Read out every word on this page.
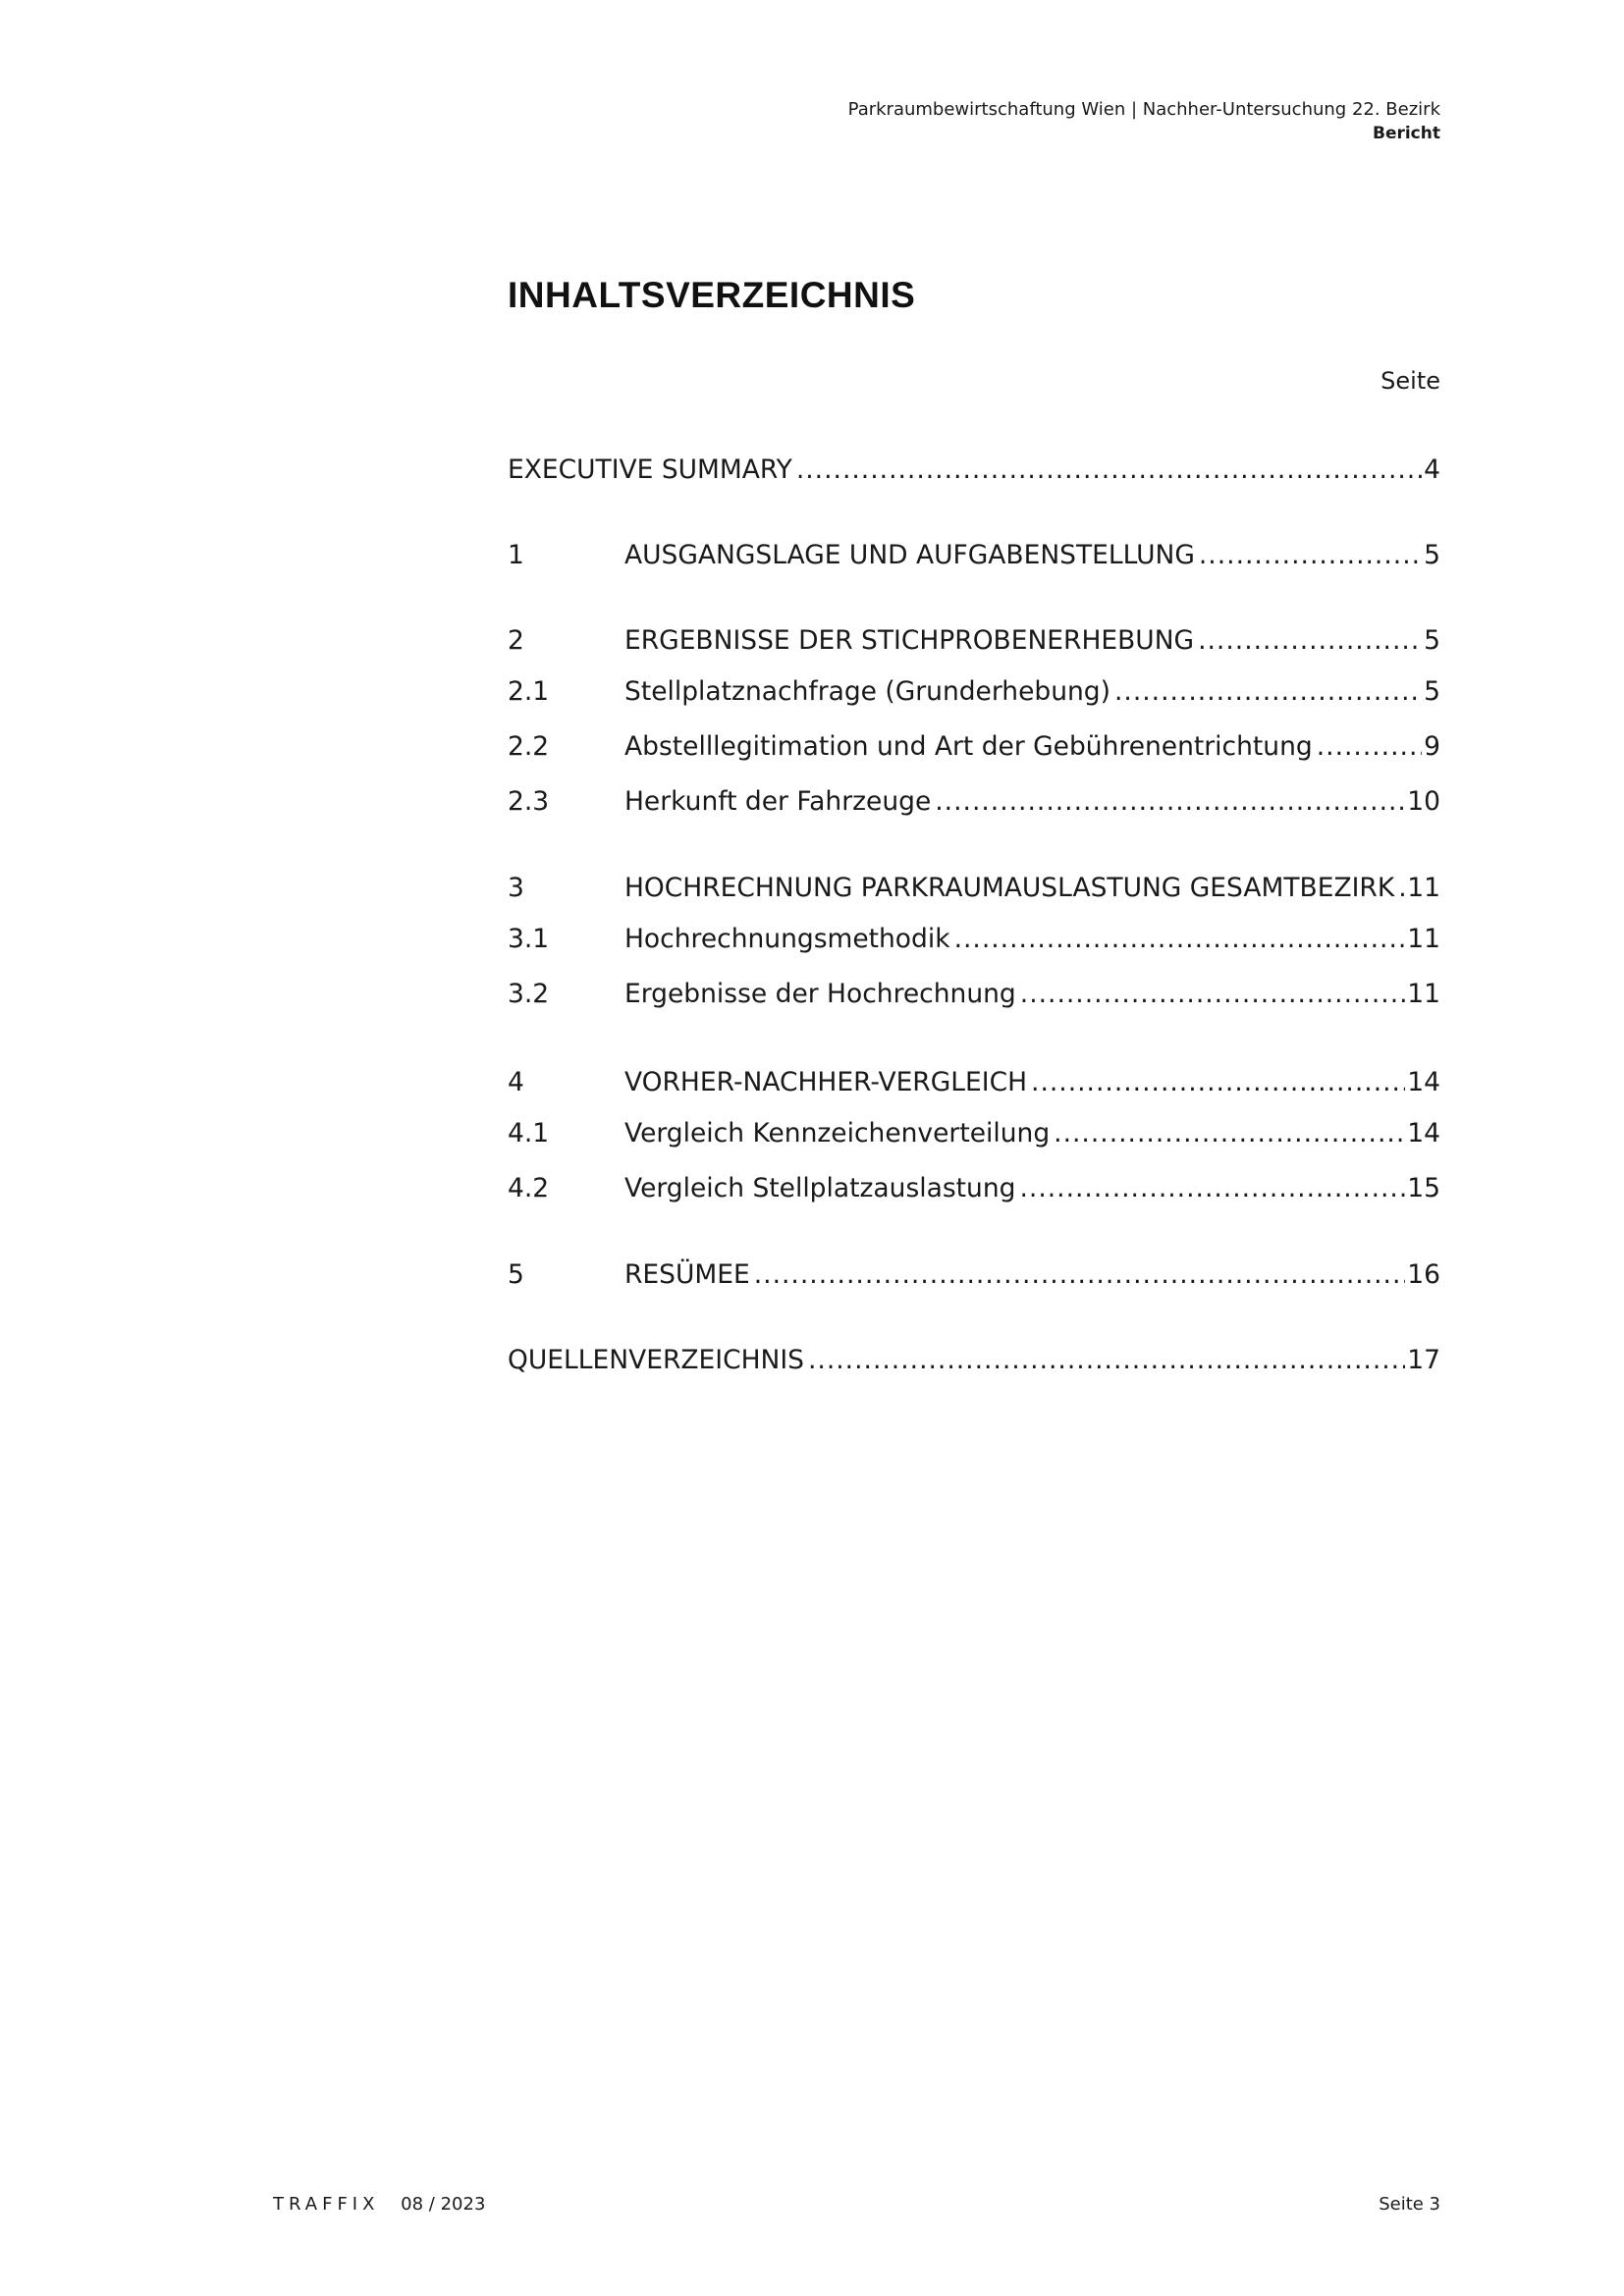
Parkraumbewirtschaftung Wien | Nachher-Untersuchung 22. Bezirk
Bericht
INHALTSVERZEICHNIS
Seite
EXECUTIVE SUMMARY .....	4
1	AUSGANGSLAGE UND AUFGABENSTELLUNG .....	5
2	ERGEBNISSE DER STICHPROBENERHEBUNG .....	5
2.1	Stellplatznachfrage (Grunderhebung) .....	5
2.2	Abstelllegitimation und Art der Gebührenentrichtung .....	9
2.3	Herkunft der Fahrzeuge .....	10
3	HOCHRECHNUNG PARKRAUMAUSLASTUNG GESAMTBEZIRK ..... 11
3.1	Hochrechnungsmethodik .....	11
3.2	Ergebnisse der Hochrechnung .....	11
4	VORHER-NACHHER-VERGLEICH .....	14
4.1	Vergleich Kennzeichenverteilung .....	14
4.2	Vergleich Stellplatzauslastung .....	15
5	RESÜMEE .....	16
QUELLENVERZEICHNIS .....	17
TRAFFIX 08 / 2023	Seite 3
